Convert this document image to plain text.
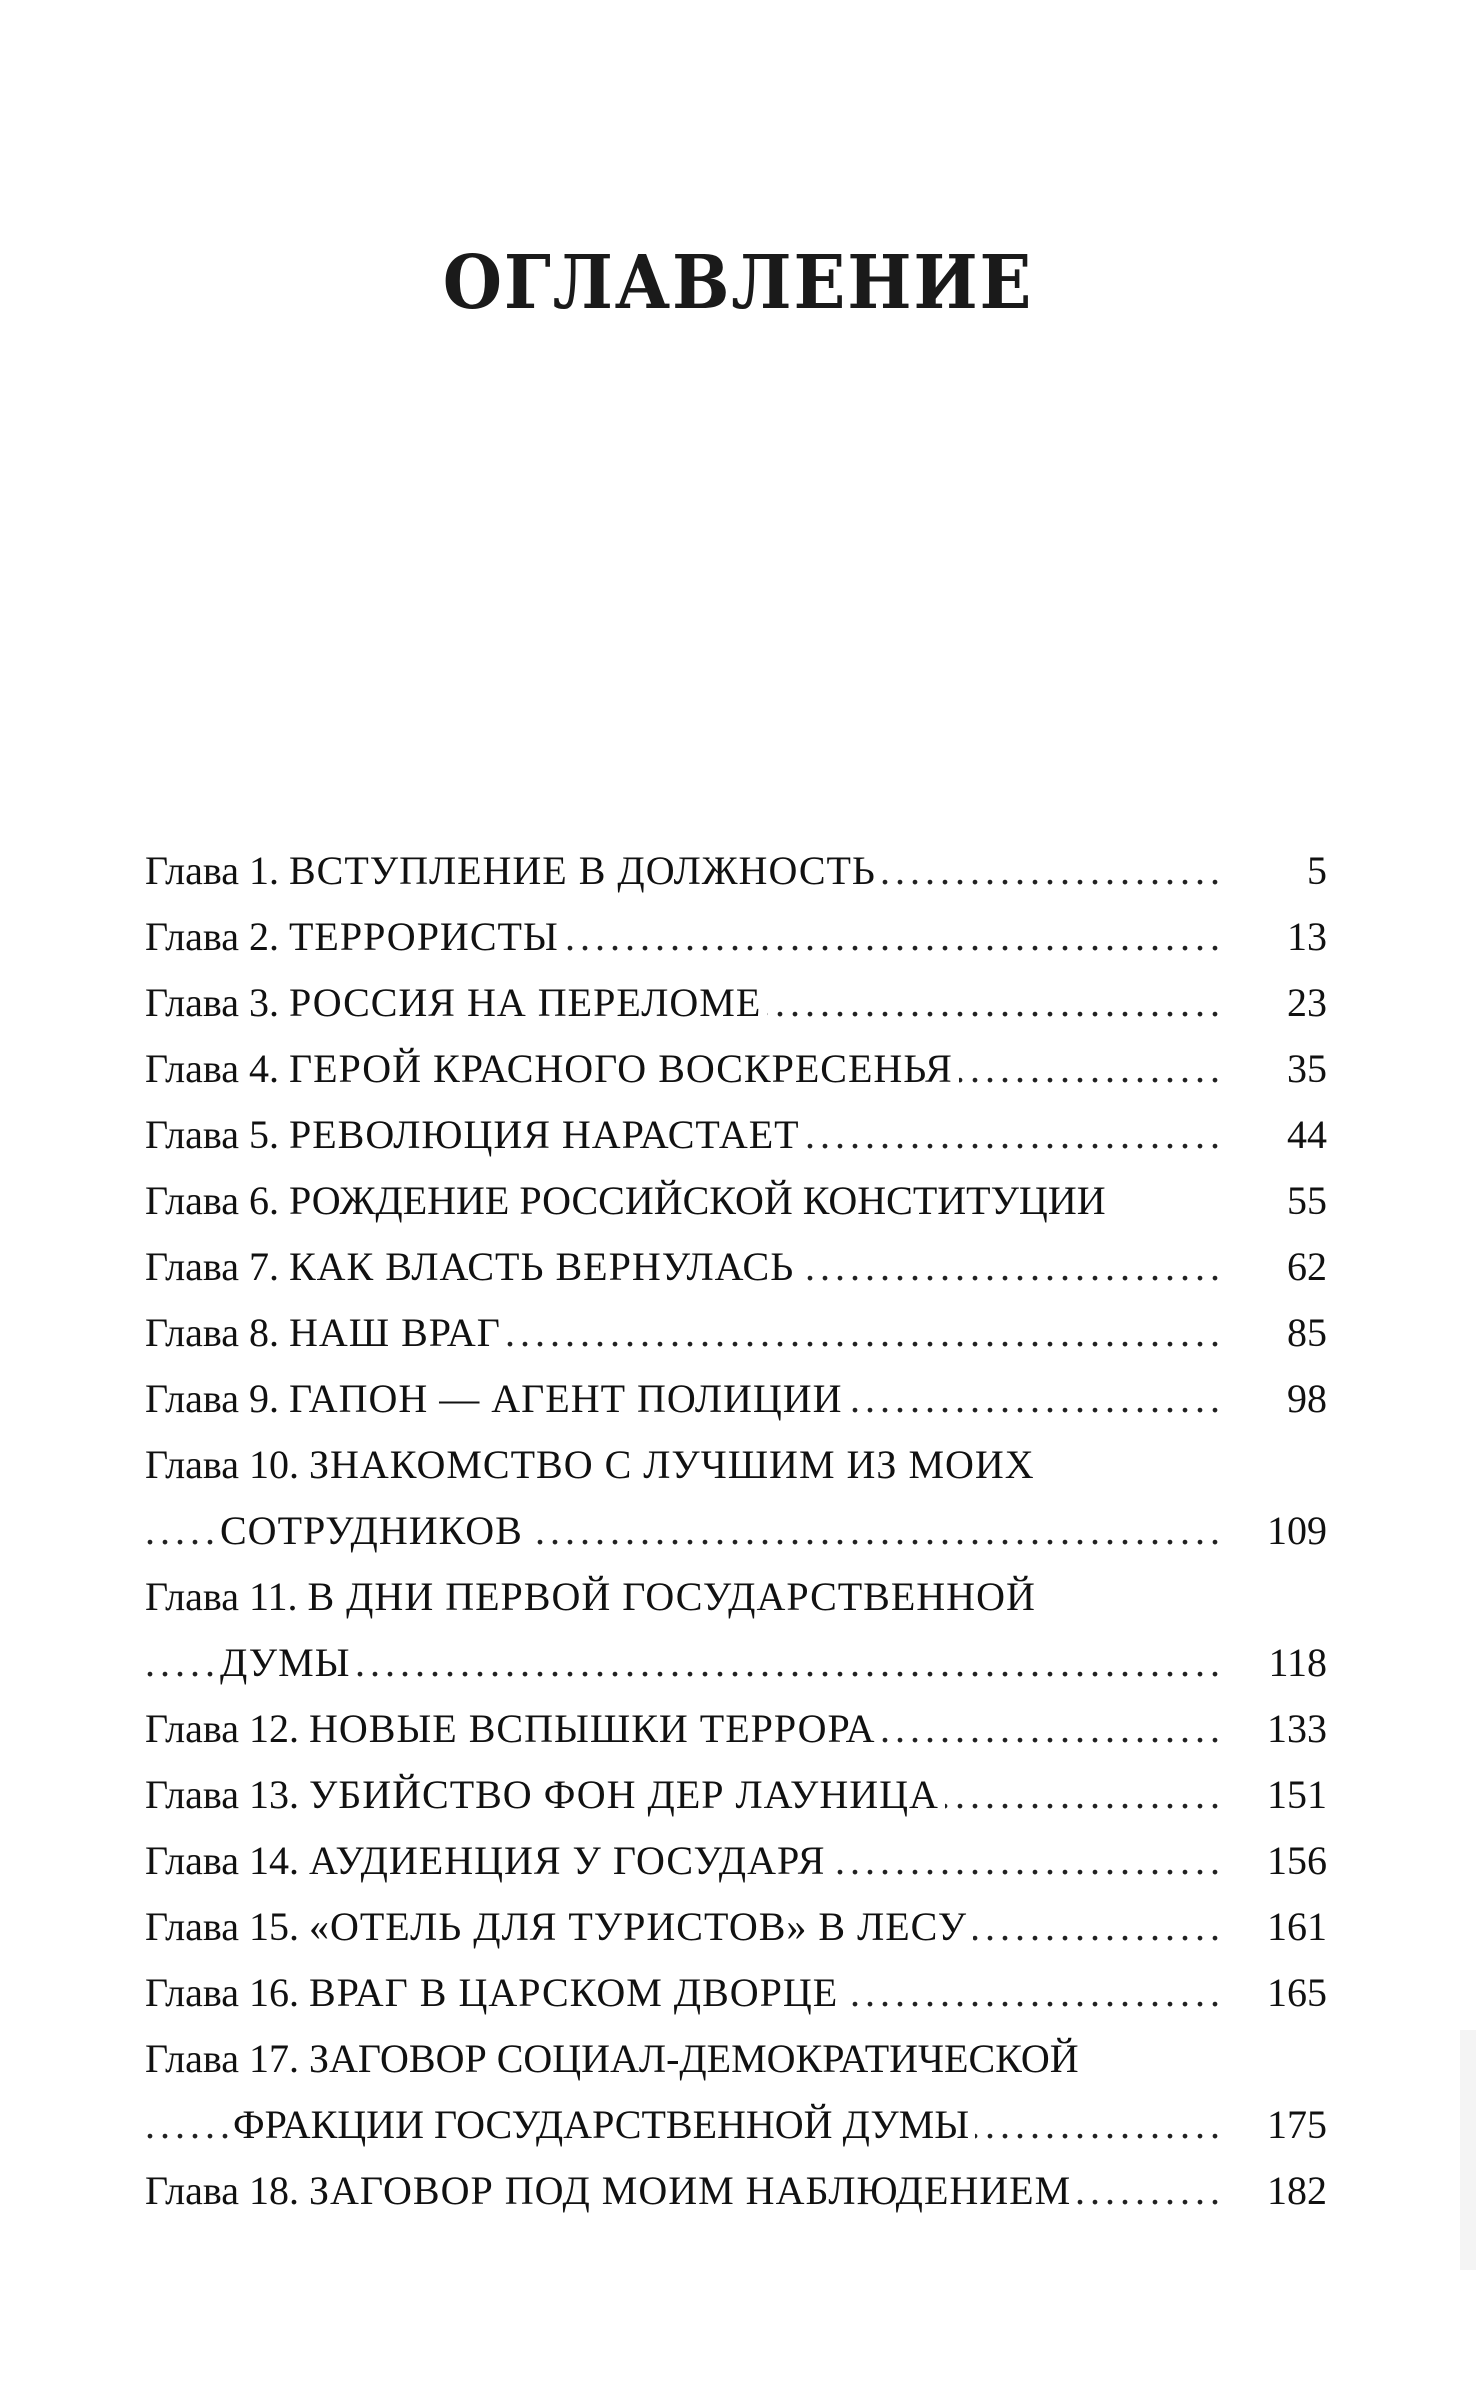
ОГЛАВЛЕНИЕ
.....
Глава 1. ВСТУПЛЕНИЕ В ДОЛЖНОСТЬ	5
.....
Глава 2. ТЕРРОРИСТЫ	13
.....
Глава 3. РОССИЯ НА ПЕРЕЛОМЕ	23
.....
Глава 4. ГЕРОЙ КРАСНОГО ВОСКРЕСЕНЬЯ	35
.....
Глава 5. РЕВОЛЮЦИЯ НАРАСТАЕТ	44
Глава 6. РОЖДЕНИЕ РОССИЙСКОЙ КОНСТИТУЦИИ	55
.....
Глава 7. КАК ВЛАСТЬ ВЕРНУЛАСЬ	62
.....
Глава 8. НАШ ВРАГ	85
.....
Глава 9. ГАПОН — АГЕНТ ПОЛИЦИИ	98
Глава 10. ЗНАКОМСТВО С ЛУЧШИМ ИЗ МОИХ
.....
СОТРУДНИКОВ	109
Глава 11. В ДНИ ПЕРВОЙ ГОСУДАРСТВЕННОЙ
.....
ДУМЫ	118
.....
Глава 12. НОВЫЕ ВСПЫШКИ ТЕРРОРА	133
.....
Глава 13. УБИЙСТВО ФОН ДЕР ЛАУНИЦА	151
.....
Глава 14. АУДИЕНЦИЯ У ГОСУДАРЯ	156
.....
Глава 15. «ОТЕЛЬ ДЛЯ ТУРИСТОВ» В ЛЕСУ	161
.....
Глава 16. ВРАГ В ЦАРСКОМ ДВОРЦЕ	165
Глава 17. ЗАГОВОР СОЦИАЛ-ДЕМОКРАТИЧЕСКОЙ
.....
ФРАКЦИИ ГОСУДАРСТВЕННОЙ ДУМЫ	175
.....
Глава 18. ЗАГОВОР ПОД МОИМ НАБЛЮДЕНИЕМ	182
